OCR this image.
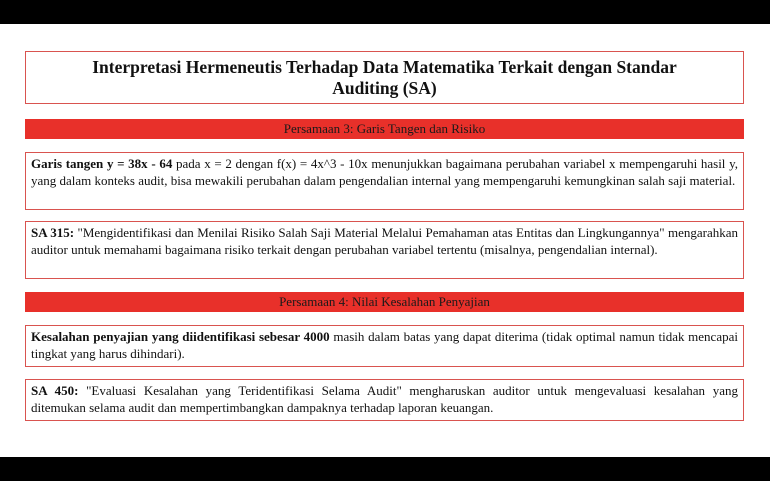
Interpretasi Hermeneutis Terhadap Data Matematika Terkait dengan Standar Auditing (SA)
Persamaan 3: Garis Tangen dan Risiko
Garis tangen y = 38x - 64 pada x = 2 dengan f(x) = 4x^3 - 10x menunjukkan bagaimana perubahan variabel x mempengaruhi hasil y, yang dalam konteks audit, bisa mewakili perubahan dalam pengendalian internal yang mempengaruhi kemungkinan salah saji material.
SA 315: "Mengidentifikasi dan Menilai Risiko Salah Saji Material Melalui Pemahaman atas Entitas dan Lingkungannya" mengarahkan auditor untuk memahami bagaimana risiko terkait dengan perubahan variabel tertentu (misalnya, pengendalian internal).
Persamaan 4: Nilai Kesalahan Penyajian
Kesalahan penyajian yang diidentifikasi sebesar 4000 masih dalam batas yang dapat diterima (tidak optimal namun tidak mencapai tingkat yang harus dihindari).
SA 450: "Evaluasi Kesalahan yang Teridentifikasi Selama Audit" mengharuskan auditor untuk mengevaluasi kesalahan yang ditemukan selama audit dan mempertimbangkan dampaknya terhadap laporan keuangan.
